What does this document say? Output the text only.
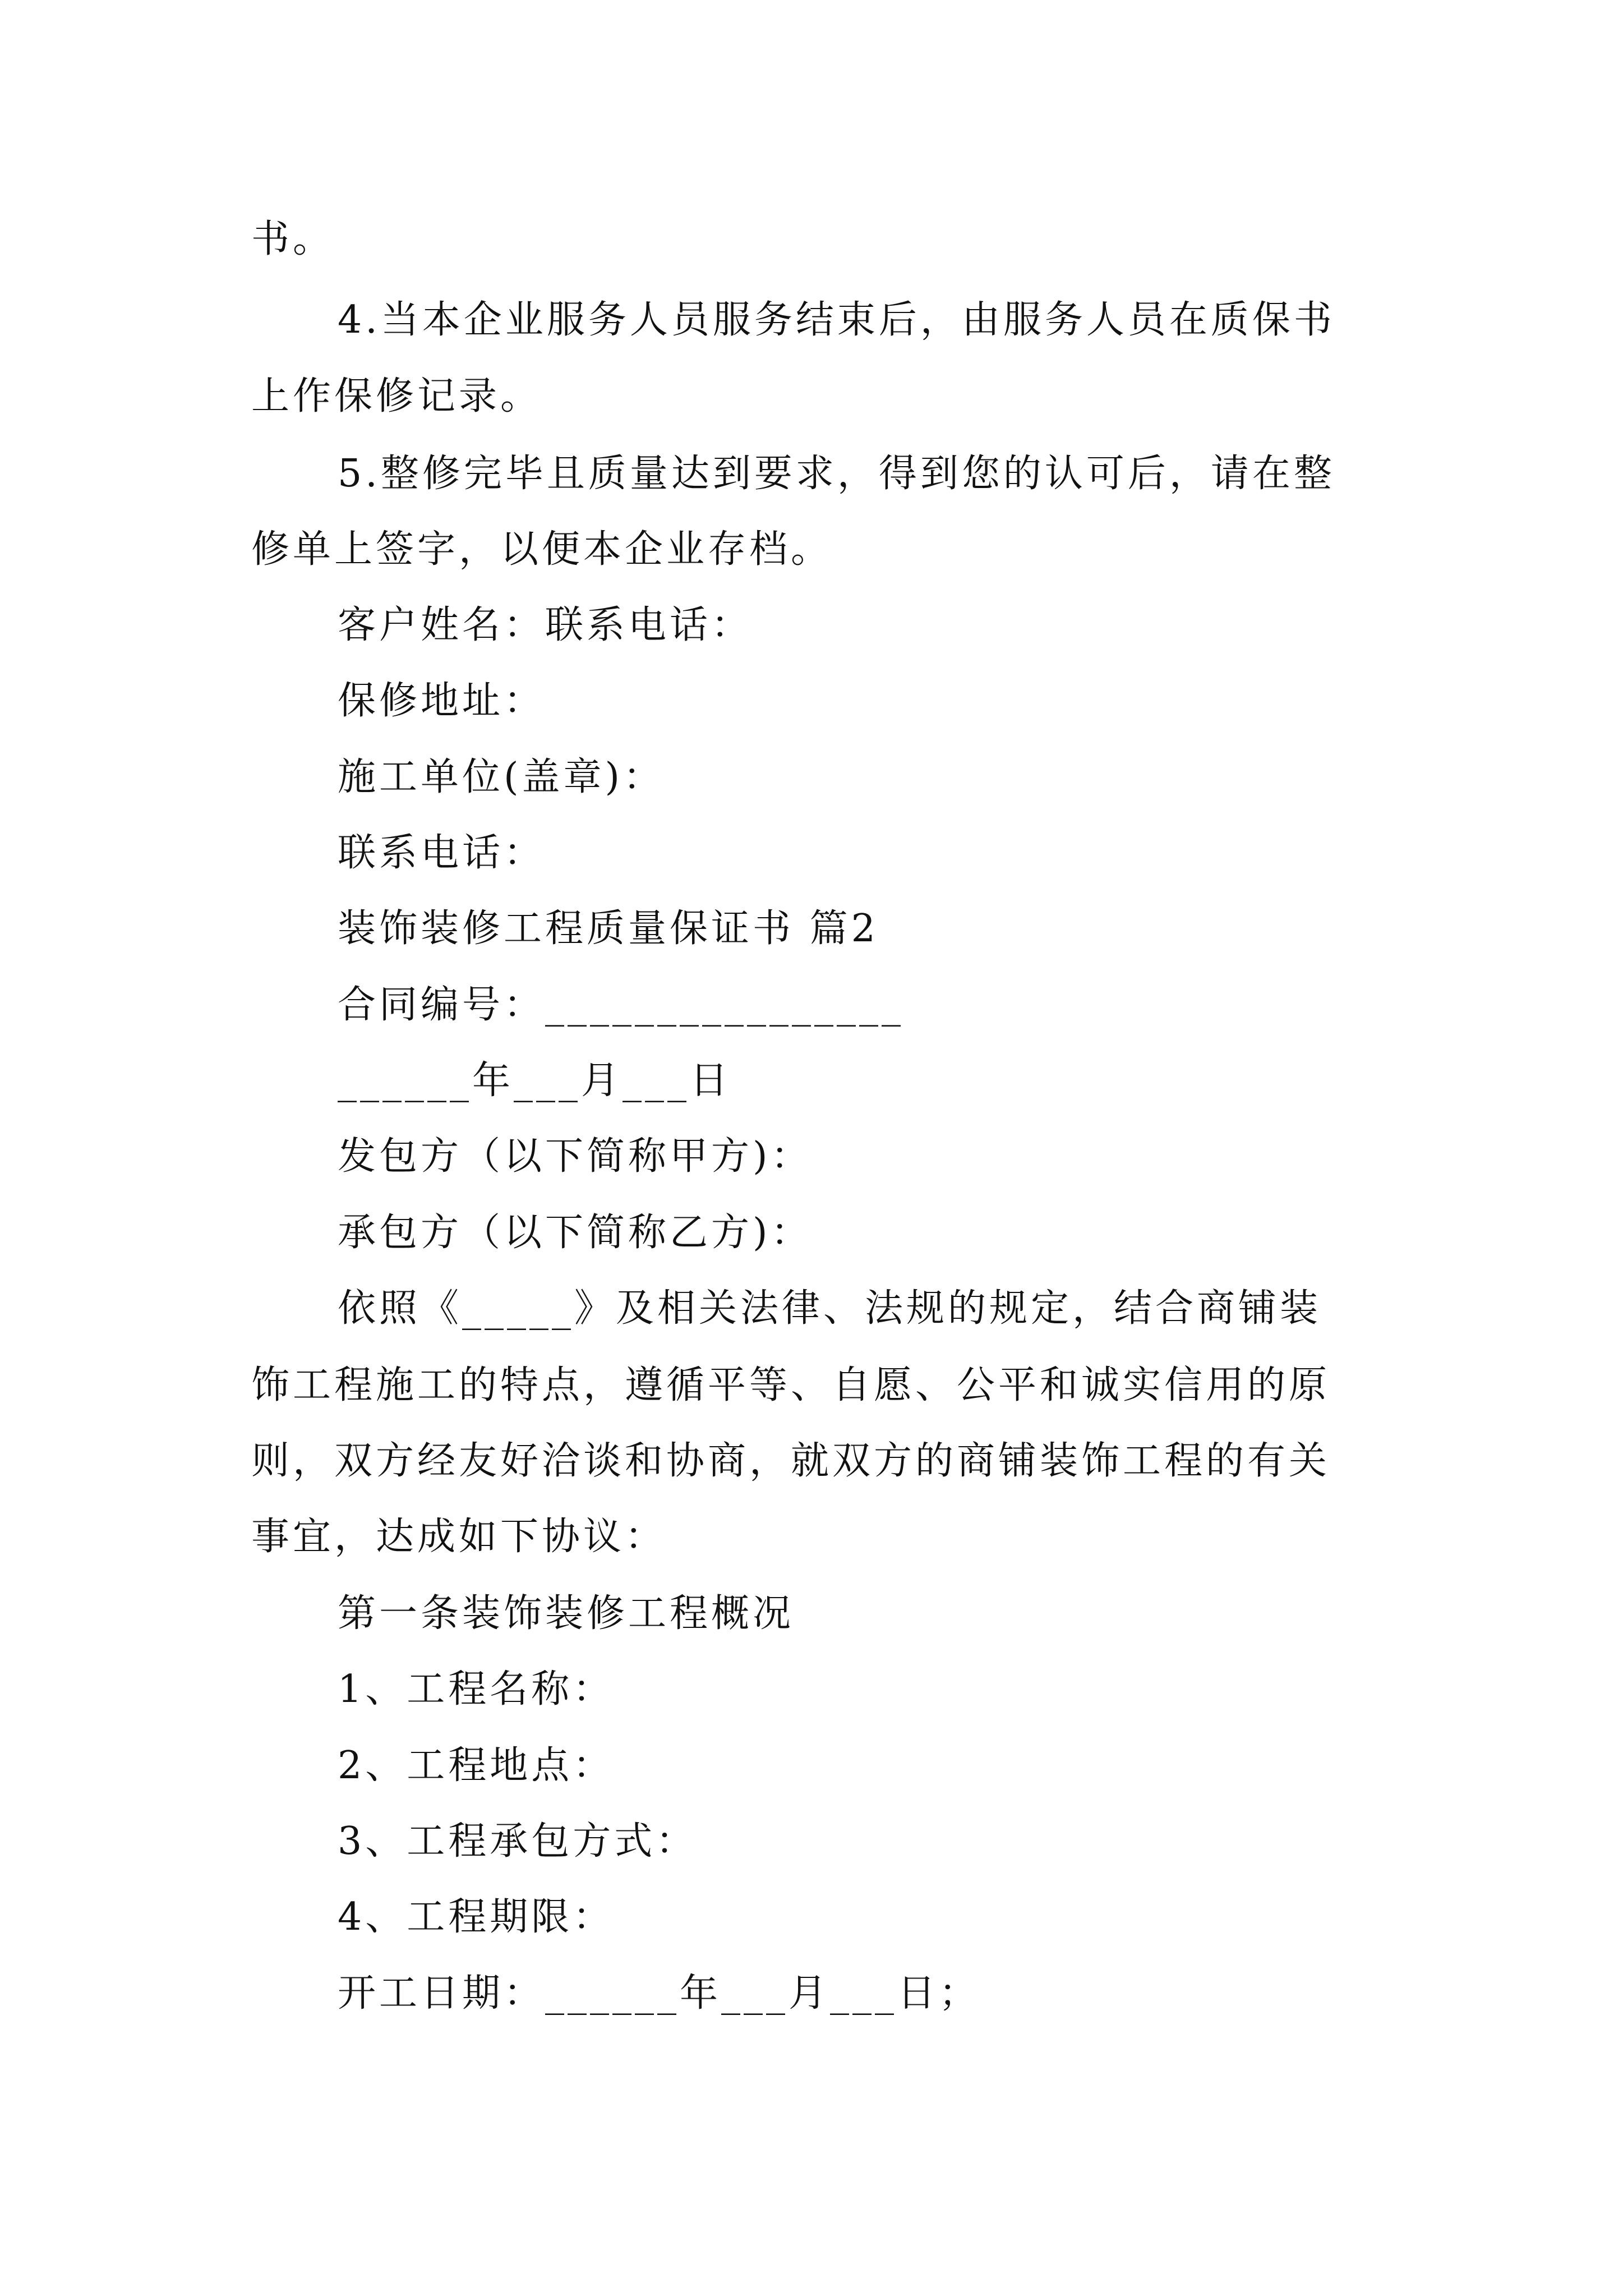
书。
4.当本企业服务人员服务结束后，由服务人员在质保书
上作保修记录。
5.整修完毕且质量达到要求，得到您的认可后，请在整
修单上签字，以便本企业存档。
客户姓名：联系电话：
保修地址：
施工单位(盖章)：
联系电话：
装饰装修工程质量保证书 篇2
合同编号：________________
______年___月___日
发包方（以下简称甲方)：
承包方（以下简称乙方)：
依照《_____》及相关法律、法规的规定，结合商铺装
饰工程施工的特点，遵循平等、自愿、公平和诚实信用的原
则，双方经友好洽谈和协商，就双方的商铺装饰工程的有关
事宜，达成如下协议：
第一条装饰装修工程概况
1、工程名称：
2、工程地点：
3、工程承包方式：
4、工程期限：
开工日期：______年___月___日；
